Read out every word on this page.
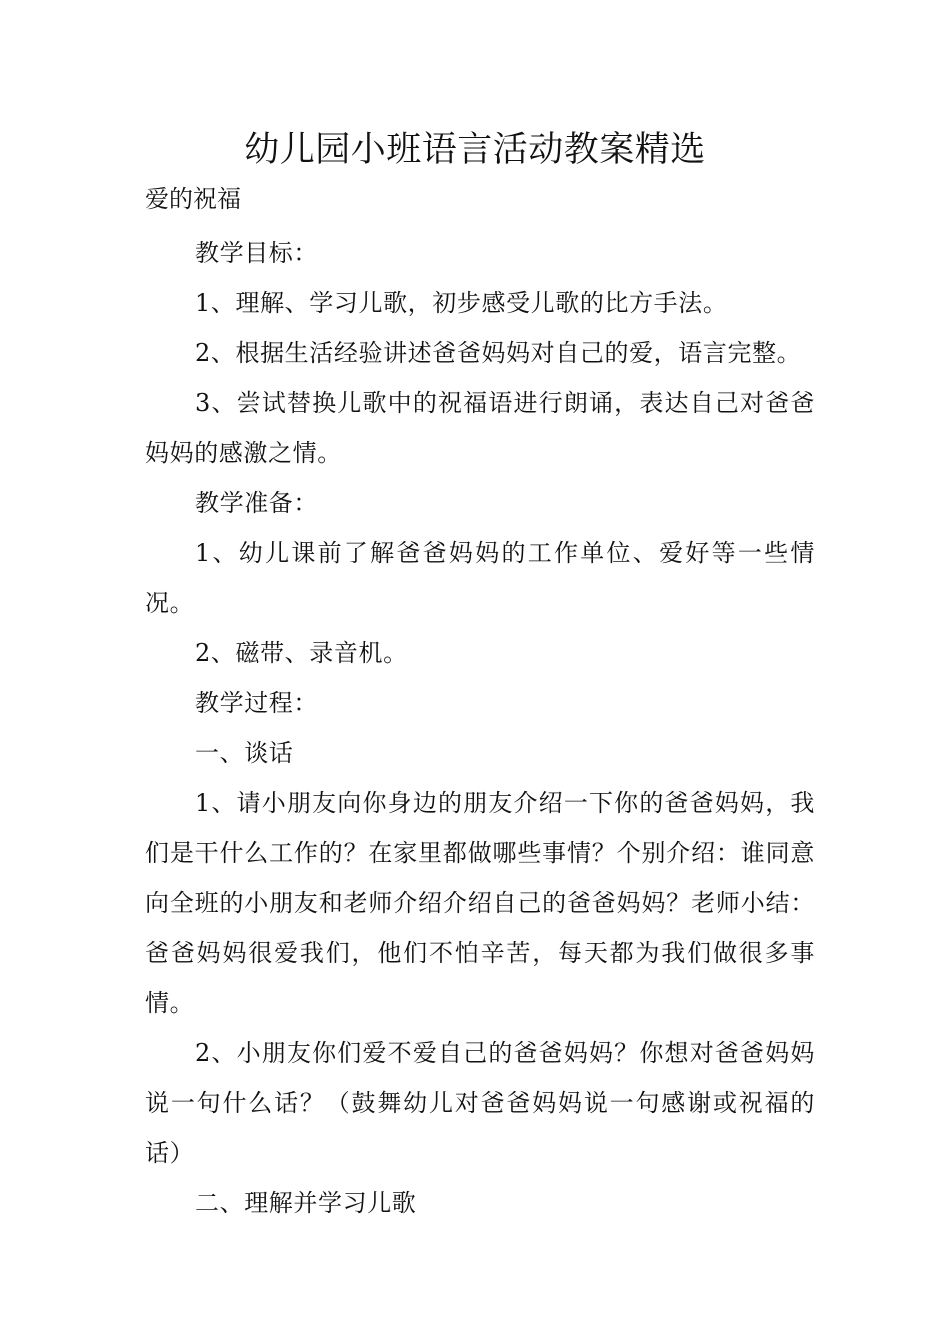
幼儿园小班语言活动教案精选

爱的祝福

教学目标：

1、理解、学习儿歌，初步感受儿歌的比方手法。

2、根据生活经验讲述爸爸妈妈对自己的爱，语言完整。

3、尝试替换儿歌中的祝福语进行朗诵，表达自己对爸爸妈妈的感激之情。

教学准备：

1、幼儿课前了解爸爸妈妈的工作单位、爱好等一些情况。

2、磁带、录音机。

教学过程：

一、谈话

1、请小朋友向你身边的朋友介绍一下你的爸爸妈妈，我们是干什么工作的？在家里都做哪些事情？个别介绍：谁同意向全班的小朋友和老师介绍介绍自己的爸爸妈妈？老师小结：爸爸妈妈很爱我们，他们不怕辛苦，每天都为我们做很多事情。

2、小朋友你们爱不爱自己的爸爸妈妈？你想对爸爸妈妈说一句什么话？（鼓舞幼儿对爸爸妈妈说一句感谢或祝福的话）

二、理解并学习儿歌
